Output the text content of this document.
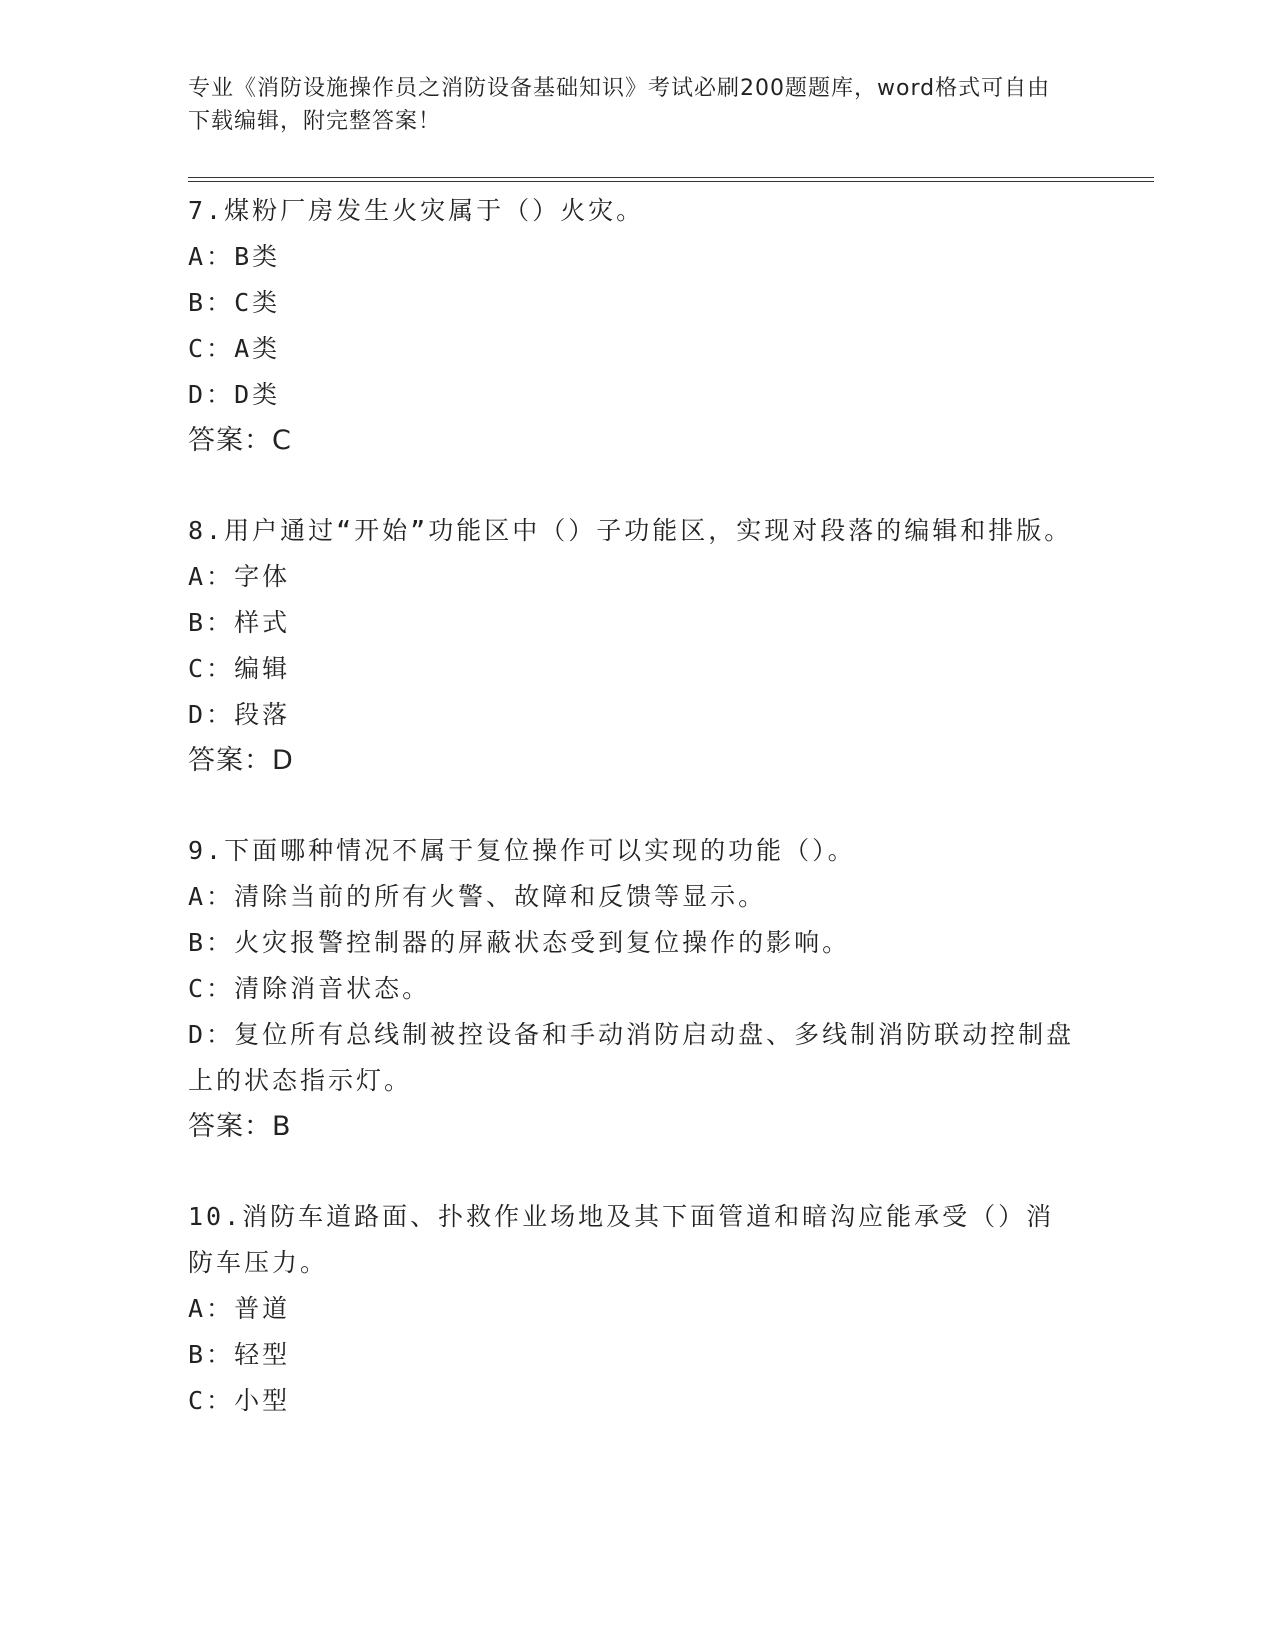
专业《消防设施操作员之消防设备基础知识》考试必刷200题题库，word格式可自由下载编辑，附完整答案！
7.煤粉厂房发生火灾属于（）火灾。
A：B类
B：C类
C：A类
D：D类
答案：C
8.用户通过“开始”功能区中（）子功能区，实现对段落的编辑和排版。
A：字体
B：样式
C：编辑
D：段落
答案：D
9.下面哪种情况不属于复位操作可以实现的功能（）。
A：清除当前的所有火警、故障和反馈等显示。
B：火灾报警控制器的屏蔽状态受到复位操作的影响。
C：清除消音状态。
D：复位所有总线制被控设备和手动消防启动盘、多线制消防联动控制盘上的状态指示灯。
答案：B
10.消防车道路面、扑救作业场地及其下面管道和暗沟应能承受（）消防车压力。
A：普道
B：轻型
C：小型
